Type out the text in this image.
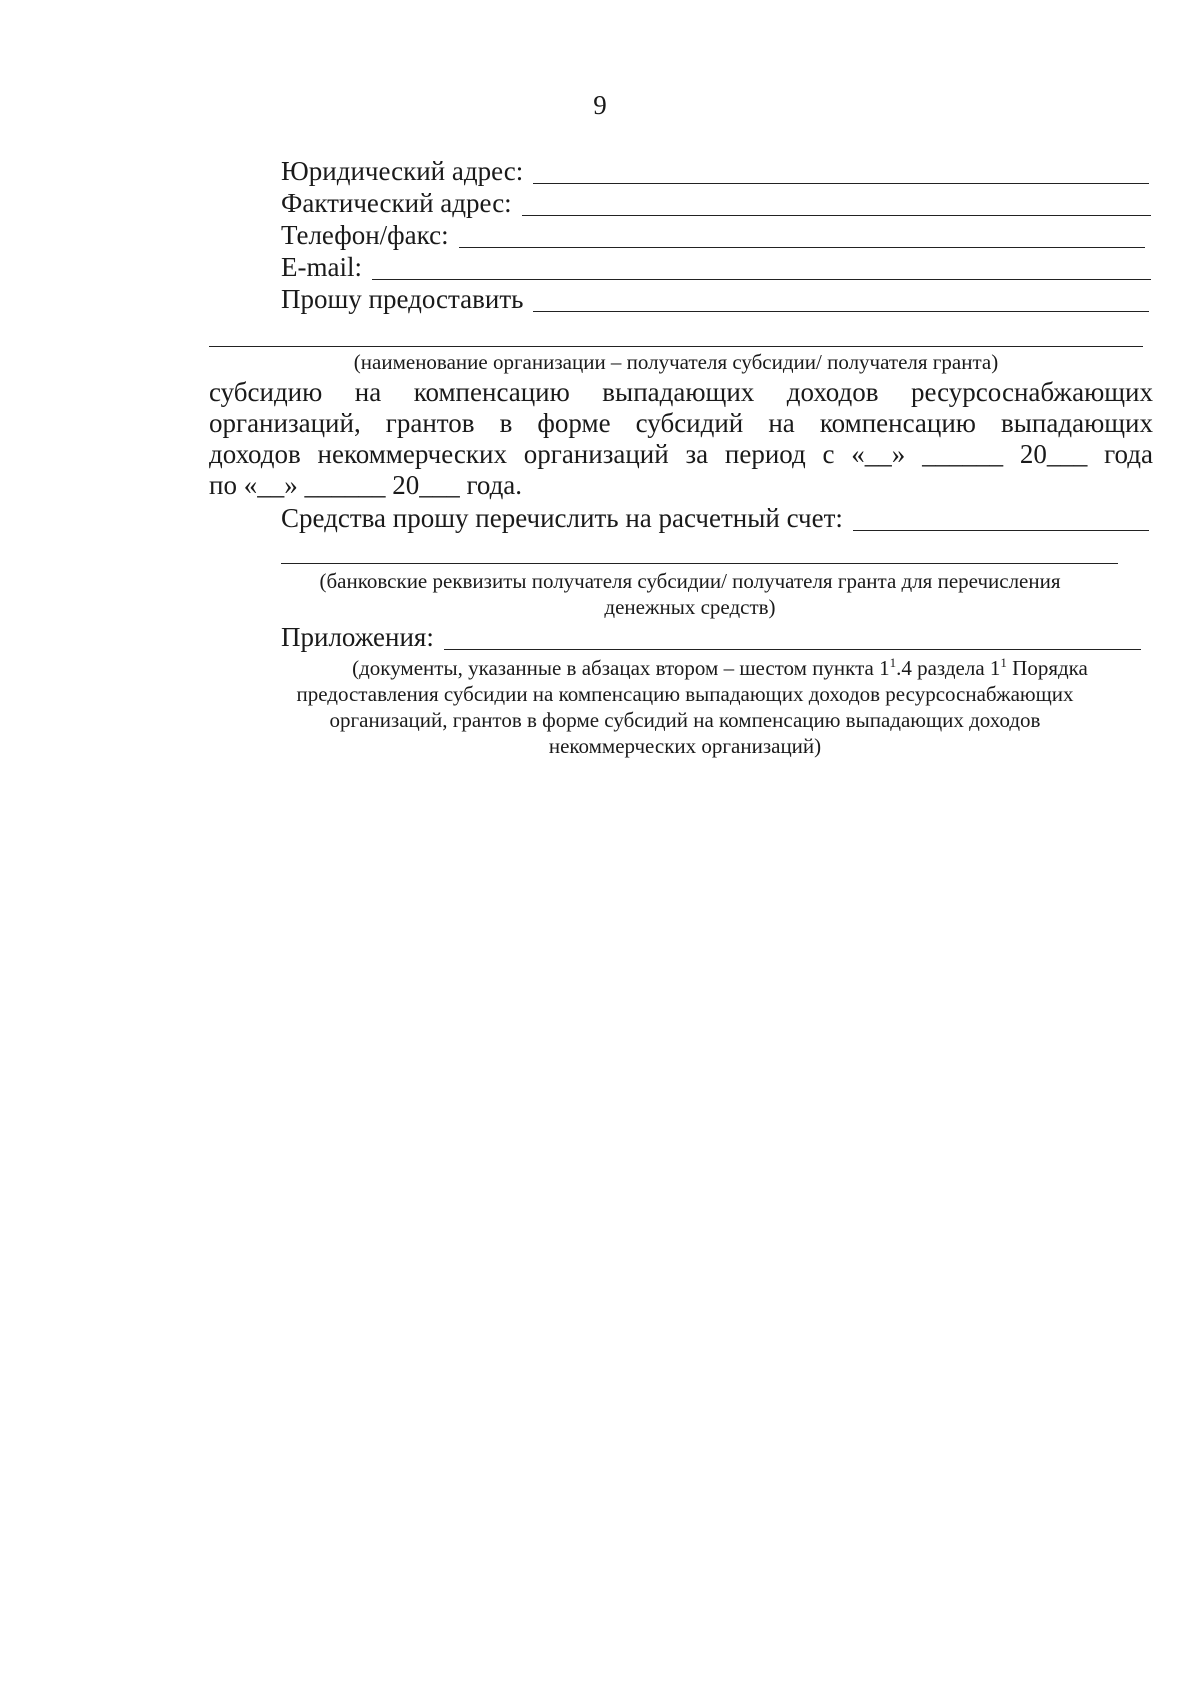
9
Юридический адрес:
Фактический адрес:
Телефон/факс:
E-mail:
Прошу предоставить
(наименование организации – получателя субсидии/ получателя гранта)
субсидию на компенсацию выпадающих доходов ресурсоснабжающих
организаций, грантов в форме субсидий на компенсацию выпадающих
доходов некоммерческих организаций за период с «__» ______ 20___ года
по «__» ______ 20___ года.
Средства прошу перечислить на расчетный счет:
(банковские реквизиты получателя субсидии/ получателя гранта для перечисления
денежных средств)
Приложения:
(документы, указанные в абзацах втором – шестом пункта $1^1.4$ раздела $1^1$ Порядка
предоставления субсидии на компенсацию выпадающих доходов ресурсоснабжающих
организаций, грантов в форме субсидий на компенсацию выпадающих доходов
некоммерческих организаций)
